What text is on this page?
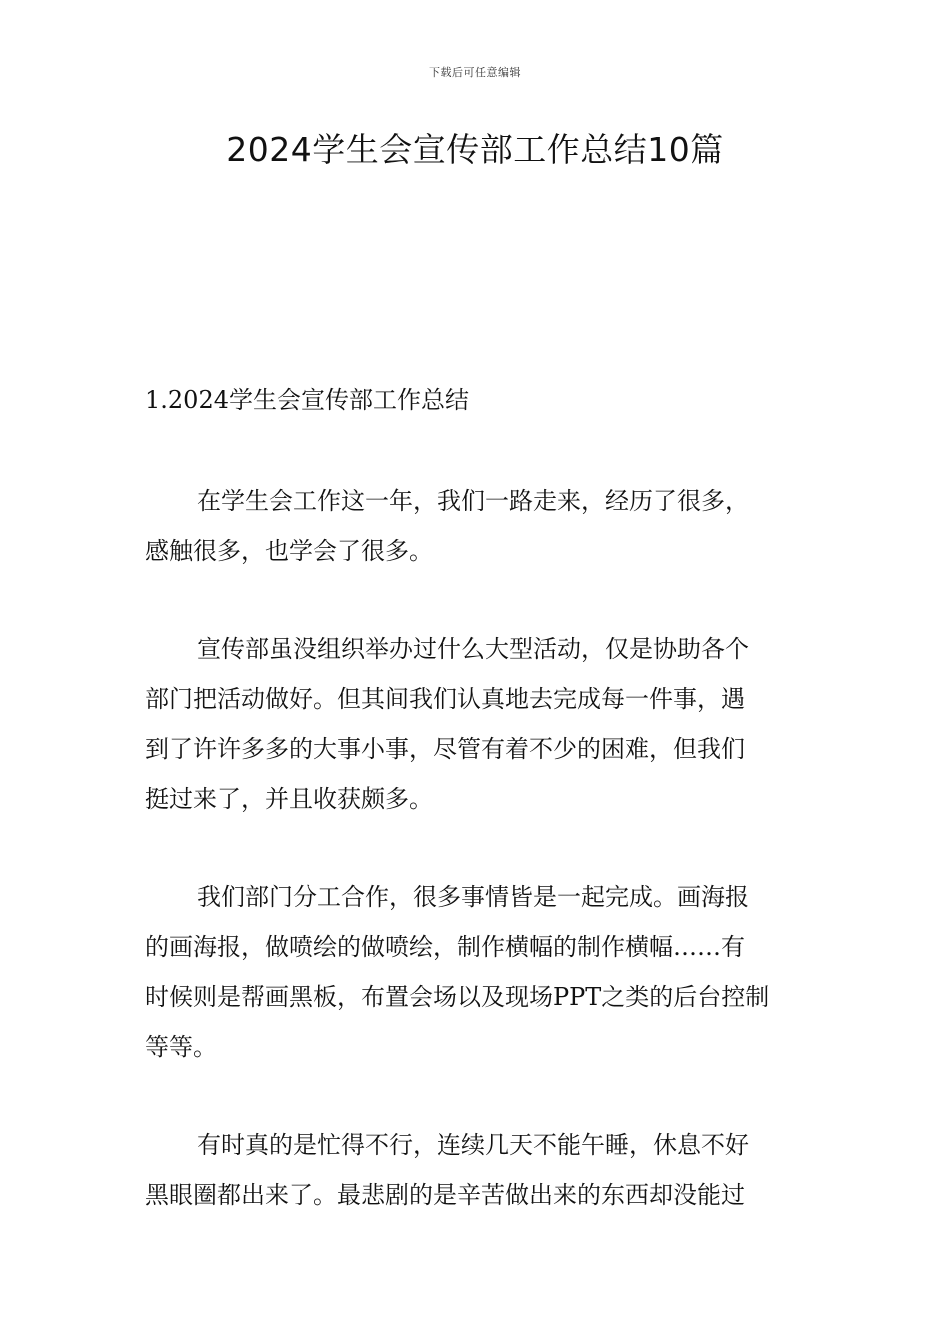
下载后可任意编辑
2024学生会宣传部工作总结10篇
1.2024学生会宣传部工作总结

在学生会工作这一年，我们一路走来，经历了很多，
感触很多，也学会了很多。

宣传部虽没组织举办过什么大型活动，仅是协助各个
部门把活动做好。但其间我们认真地去完成每一件事，遇
到了许许多多的大事小事，尽管有着不少的困难，但我们
挺过来了，并且收获颇多。

我们部门分工合作，很多事情皆是一起完成。画海报
的画海报，做喷绘的做喷绘，制作横幅的制作横幅……有
时候则是帮画黑板，布置会场以及现场PPT之类的后台控制
等等。

有时真的是忙得不行，连续几天不能午睡，休息不好
黑眼圈都出来了。最悲剧的是辛苦做出来的东西却没能过
